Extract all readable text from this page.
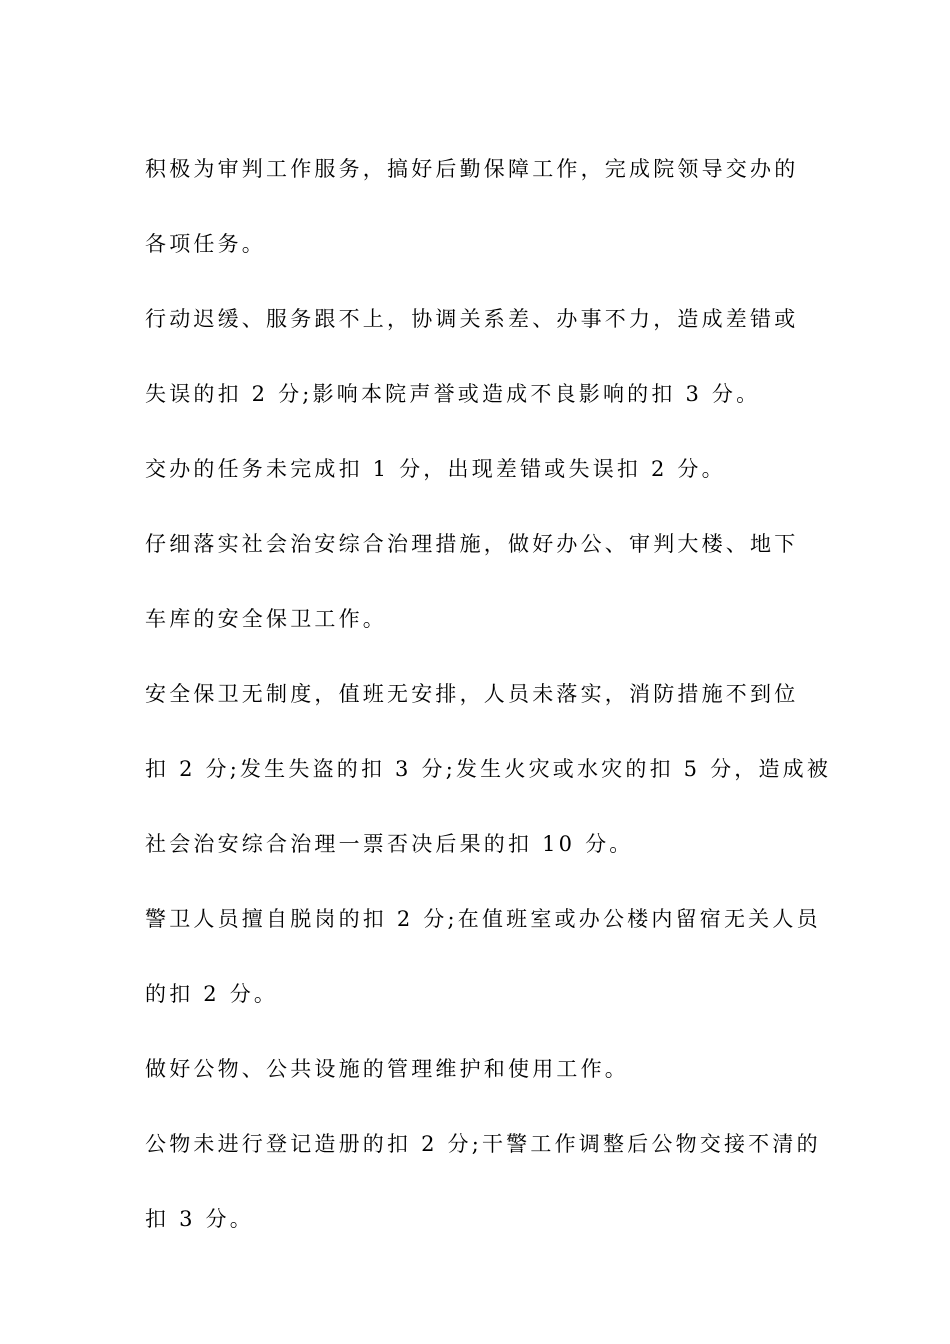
积极为审判工作服务，搞好后勤保障工作，完成院领导交办的
各项任务。
行动迟缓、服务跟不上，协调关系差、办事不力，造成差错或
失误的扣 2 分;影响本院声誉或造成不良影响的扣 3 分。
交办的任务未完成扣 1 分，出现差错或失误扣 2 分。
仔细落实社会治安综合治理措施，做好办公、审判大楼、地下
车库的安全保卫工作。
安全保卫无制度，值班无安排，人员未落实，消防措施不到位
扣 2 分;发生失盗的扣 3 分;发生火灾或水灾的扣 5 分，造成被
社会治安综合治理一票否决后果的扣 10 分。
警卫人员擅自脱岗的扣 2 分;在值班室或办公楼内留宿无关人员
的扣 2 分。
做好公物、公共设施的管理维护和使用工作。
公物未进行登记造册的扣 2 分;干警工作调整后公物交接不清的
扣 3 分。
